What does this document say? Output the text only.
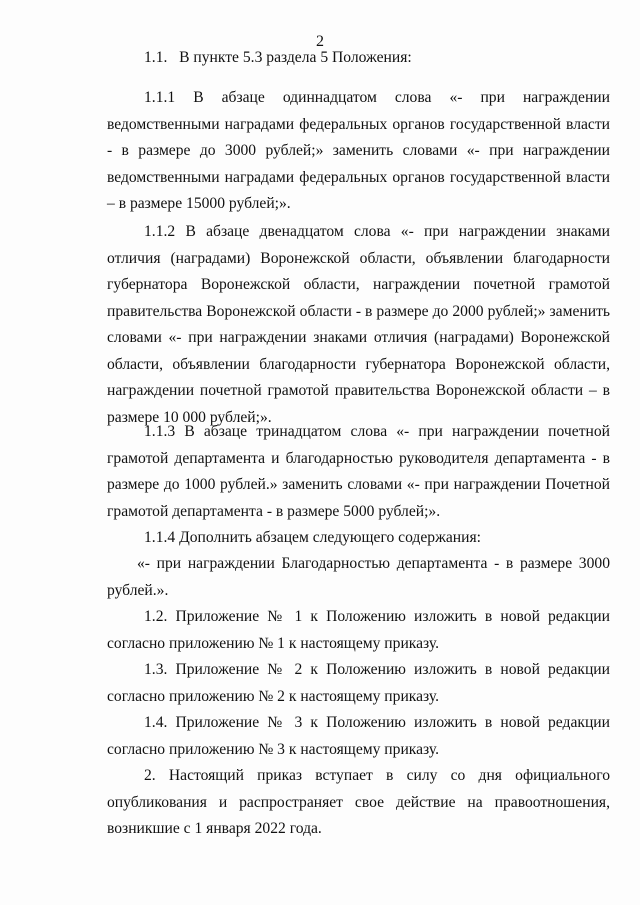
2

1.1.   В пункте 5.3 раздела 5 Положения:

1.1.1 В абзаце одиннадцатом слова «- при награждении ведомственными наградами федеральных органов государственной власти - в размере до 3000 рублей;» заменить словами «- при награждении ведомственными наградами федеральных органов государственной власти – в размере 15000 рублей;».

1.1.2 В абзаце двенадцатом слова «- при награждении знаками отличия (наградами) Воронежской области, объявлении благодарности губернатора Воронежской области, награждении почетной грамотой правительства Воронежской области - в размере до 2000 рублей;» заменить словами «- при награждении знаками отличия (наградами) Воронежской области, объявлении благодарности губернатора Воронежской области, награждении почетной грамотой правительства Воронежской области – в размере 10 000 рублей;».

1.1.3 В абзаце тринадцатом слова «- при награждении почетной грамотой департамента и благодарностью руководителя департамента - в размере до 1000 рублей.» заменить словами «- при награждении Почетной грамотой департамента - в размере 5000 рублей;».

1.1.4 Дополнить абзацем следующего содержания:

«- при награждении Благодарностью департамента - в размере 3000 рублей.».

1.2. Приложение № 1 к Положению изложить в новой редакции согласно приложению № 1 к настоящему приказу.

1.3. Приложение № 2 к Положению изложить в новой редакции согласно приложению № 2 к настоящему приказу.

1.4. Приложение № 3 к Положению изложить в новой редакции согласно приложению № 3 к настоящему приказу.

2. Настоящий приказ вступает в силу со дня официального опубликования и распространяет свое действие на правоотношения, возникшие с 1 января 2022 года.
